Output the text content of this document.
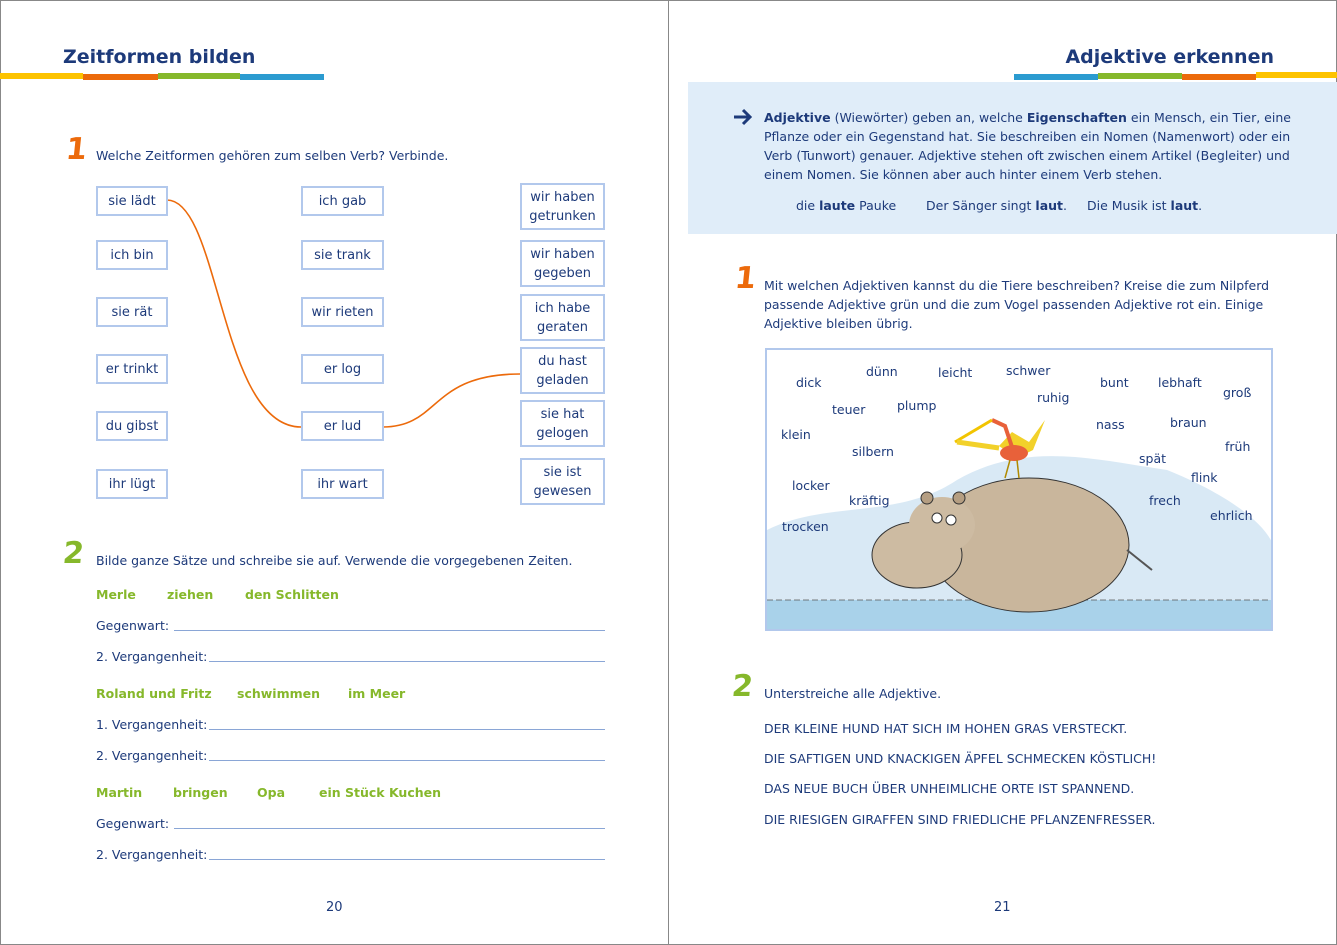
Zeitformen bilden
1 Welche Zeitformen gehören zum selben Verb? Verbinde.
sie lädt
ich bin
sie rät
er trinkt
du gibst
ihr lügt
ich gab
sie trank
wir rieten
er log
er lud
ihr wart
wir haben
getrunken
wir haben
gegeben
ich habe
geraten
du hast
geladen
sie hat
gelogen
sie ist
gewesen
2 Bilde ganze Sätze und schreibe sie auf. Verwende die vorgegebenen Zeiten.
Merle ziehen	den Schlitten
Gegenwart:
2. Vergangenheit:
Roland und Fritz schwimmen im Meer
1. Vergangenheit:
2. Vergangenheit:
Martin bringen Opa	ein Stück Kuchen
Gegenwart:
2. Vergangenheit:
20
Adjektive erkennen
Adjektive (Wiewörter) geben an, welche Eigenschaften ein Mensch, ein Tier, eine
Pflanze oder ein Gegenstand hat. Sie beschreiben ein Nomen (Namenwort) oder ein
Verb (Tunwort) genauer. Adjektive stehen oft zwischen einem Artikel (Begleiter) und
einem Nomen. Sie können aber auch hinter einem Verb stehen.
die laute Pauke Der Sänger singt laut. Die Musik ist laut.
1 Mit welchen Adjektiven kannst du die Tiere beschreiben? Kreise die zum Nilpferd
passende Adjektive grün und die zum Vogel passenden Adjektive rot ein. Einige
Adjektive bleiben übrig.
dick
dünn	leicht	schwer
bunt lebhaft
groß
ruhig
teuer	plump
nass	braun
klein
silbern	früh
spät
flink
locker
kräftig	frech
ehrlich
trocken
2 Unterstreiche alle Adjektive.
DER KLEINE HUND HAT SICH IM HOHEN GRAS VERSTECKT.
DIE SAFTIGEN UND KNACKIGEN ÄPFEL SCHMECKEN KÖSTLICH!
DAS NEUE BUCH ÜBER UNHEIMLICHE ORTE IST SPANNEND.
DIE RIESIGEN GIRAFFEN SIND FRIEDLICHE PFLANZENFRESSER.
21
